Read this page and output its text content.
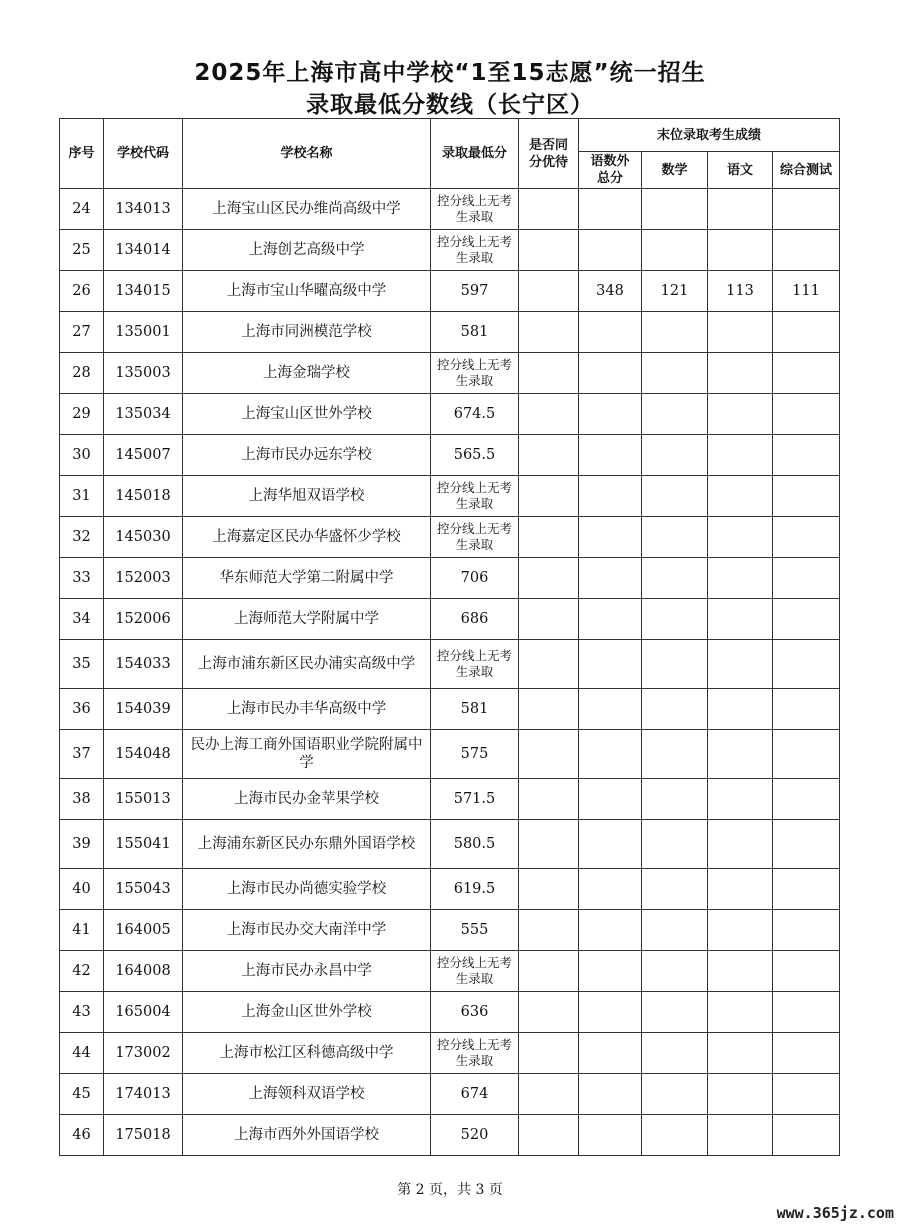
2025年上海市高中学校“1至15志愿”统一招生
录取最低分数线（长宁区）
序号	学校代码	学校名称	录取最低分	是否同分优待	末位录取考生成绩			
					语数外总分	数学	语文	综合测试
24	134013	上海宝山区民办维尚高级中学	控分线上无考生录取					
25	134014	上海创艺高级中学	控分线上无考生录取					
26	134015	上海市宝山华曜高级中学	597		348	121	113	111
27	135001	上海市同洲模范学校	581					
28	135003	上海金瑞学校	控分线上无考生录取					
29	135034	上海宝山区世外学校	674.5					
30	145007	上海市民办远东学校	565.5					
31	145018	上海华旭双语学校	控分线上无考生录取					
32	145030	上海嘉定区民办华盛怀少学校	控分线上无考生录取					
33	152003	华东师范大学第二附属中学	706					
34	152006	上海师范大学附属中学	686					
35	154033	上海市浦东新区民办浦实高级中学	控分线上无考生录取					
36	154039	上海市民办丰华高级中学	581					
37	154048	民办上海工商外国语职业学院附属中学	575					
38	155013	上海市民办金苹果学校	571.5					
39	155041	上海浦东新区民办东鼎外国语学校	580.5					
40	155043	上海市民办尚德实验学校	619.5					
41	164005	上海市民办交大南洋中学	555					
42	164008	上海市民办永昌中学	控分线上无考生录取					
43	165004	上海金山区世外学校	636					
44	173002	上海市松江区科德高级中学	控分线上无考生录取					
45	174013	上海领科双语学校	674					
46	175018	上海市西外外国语学校	520					
第 2 页，共 3 页
www.365jz.com
